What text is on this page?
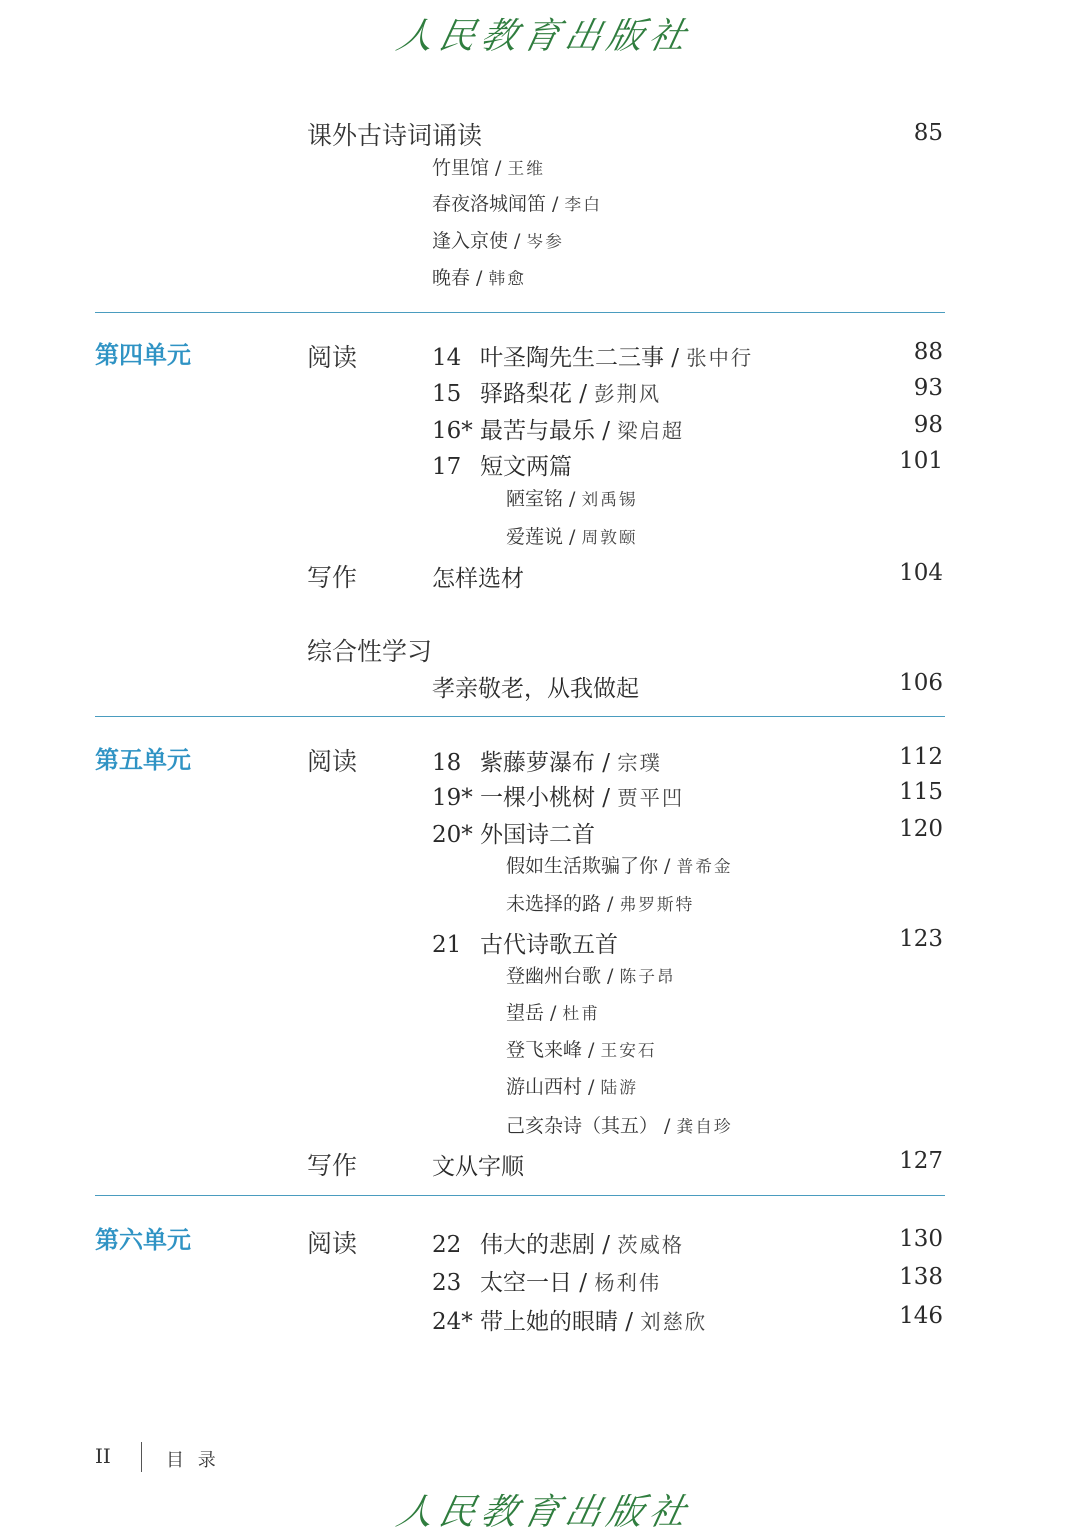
人民教育出版社
课外古诗词诵读	85
竹里馆 / 王维
春夜洛城闻笛 / 李白
逢入京使 / 岑参
晚春 / 韩愈
第四单元	阅读	14 叶圣陶先生二三事 / 张中行	88
15 驿路梨花 / 彭荆风	93
16* 最苦与最乐 / 梁启超	98
17 短文两篇	101
陋室铭 / 刘禹锡
爱莲说 / 周敦颐
写作	怎样选材	104
综合性学习
孝亲敬老，从我做起	106
第五单元	阅读	18 紫藤萝瀑布 / 宗璞	112
19* 一棵小桃树 / 贾平凹	115
20* 外国诗二首	120
假如生活欺骗了你 / 普希金
未选择的路 / 弗罗斯特
21 古代诗歌五首	123
登幽州台歌 / 陈子昂
望岳 / 杜甫
登飞来峰 / 王安石
游山西村 / 陆游
己亥杂诗（其五） / 龚自珍
写作	文从字顺	127
第六单元	阅读	22 伟大的悲剧 / 茨威格	130
23 太空一日 / 杨利伟	138
24* 带上她的眼睛 / 刘慈欣	146
II	目 录
人民教育出版社
